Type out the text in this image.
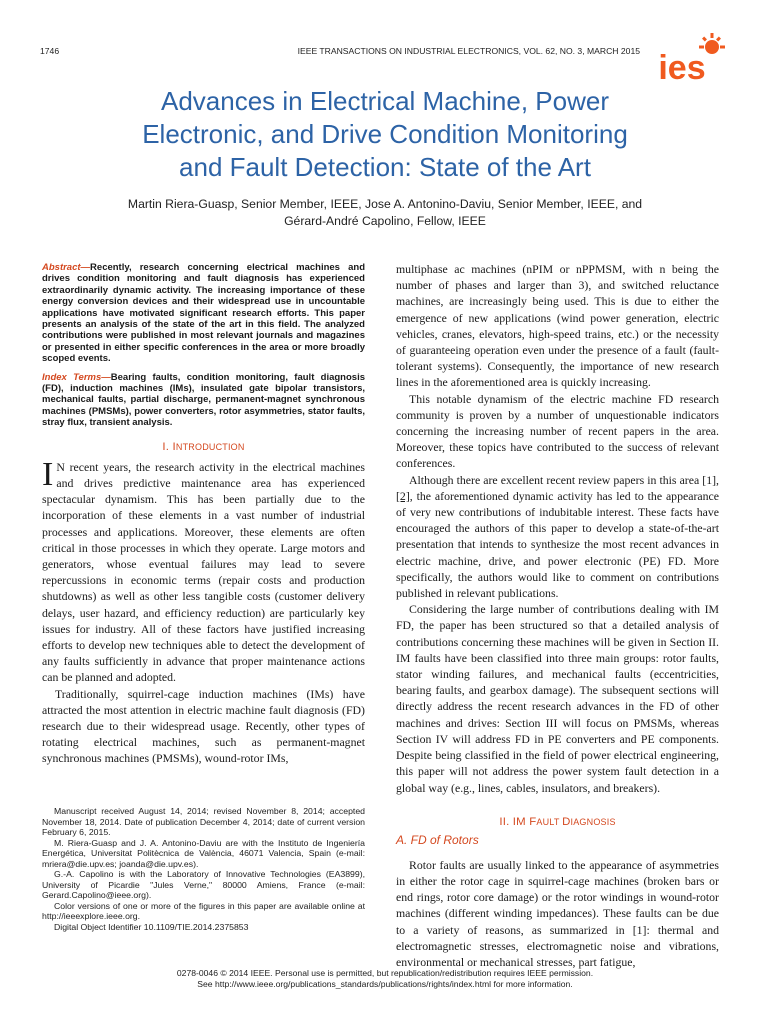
1746	IEEE TRANSACTIONS ON INDUSTRIAL ELECTRONICS, VOL. 62, NO. 3, MARCH 2015 ies
Advances in Electrical Machine, Power
Electronic, and Drive Condition Monitoring
and Fault Detection: State of the Art
Martin Riera-Guasp, Senior Member, IEEE, Jose A. Antonino-Daviu, Senior Member, IEEE, and
Gérard-André Capolino, Fellow, IEEE

Abstract—Recently, research concerning electrical machines and drives condition monitoring and fault diagnosis has experienced extraordinarily dynamic activity. The increasing importance of these energy conversion devices and their widespread use in uncountable applications have motivated significant research efforts. This paper presents an analysis of the state of the art in this field. The analyzed contributions were published in most relevant journals and magazines or presented in either specific conferences in the area or more broadly scoped events.

Index Terms—Bearing faults, condition monitoring, fault diagnosis (FD), induction machines (IMs), insulated gate bipolar transistors, mechanical faults, partial discharge, permanent-magnet synchronous machines (PMSMs), power converters, rotor asymmetries, stator faults, stray flux, transient analysis.

I. INTRODUCTION

I N recent years, the research activity in the electrical machines and drives predictive maintenance area has experienced spectacular dynamism. This has been partially due to the incorporation of these elements in a vast number of industrial processes and applications. Moreover, these elements are often critical in those processes in which they operate. Large motors and generators, whose eventual failures may lead to severe repercussions in economic terms (repair costs and production shutdowns) as well as other less tangible costs (customer delivery delays, user hazard, and efficiency reduction) are particularly key issues for industry. All of these factors have justified increasing efforts to develop new techniques able to detect the development of any faults sufficiently in advance that proper maintenance actions can be planned and adopted.

Traditionally, squirrel-cage induction machines (IMs) have attracted the most attention in electric machine fault diagnosis (FD) research due to their widespread usage. Recently, other types of rotating electrical machines, such as permanent-magnet synchronous machines (PMSMs), wound-rotor IMs,

Manuscript received August 14, 2014; revised November 8, 2014; accepted November 18, 2014. Date of publication December 4, 2014; date of current version February 6, 2015.

M. Riera-Guasp and J. A. Antonino-Daviu are with the Instituto de Ingeniería Energética, Universitat Politècnica de València, 46071 Valencia, Spain (e-mail: mriera@die.upv.es; joanda@die.upv.es).

G.-A. Capolino is with the Laboratory of Innovative Technologies (EA3899), University of Picardie "Jules Verne," 80000 Amiens, France (e-mail: Gerard.Capolino@ieee.org).

Color versions of one or more of the figures in this paper are available online at http://ieeexplore.ieee.org.

Digital Object Identifier 10.1109/TIE.2014.2375853

multiphase ac machines (nPIM or nPPMSM, with n being the number of phases and larger than 3), and switched reluctance machines, are increasingly being used. This is due to either the emergence of new applications (wind power generation, electric vehicles, cranes, elevators, high-speed trains, etc.) or the necessity of guaranteeing operation even under the presence of a fault (fault-tolerant systems). Consequently, the importance of new research lines in the aforementioned area is quickly increasing.

This notable dynamism of the electric machine FD research community is proven by a number of unquestionable indicators concerning the increasing number of recent papers in the area. Moreover, these topics have contributed to the success of relevant conferences.

Although there are excellent recent review papers in this area [1], [2], the aforementioned dynamic activity has led to the appearance of very new contributions of indubitable interest. These facts have encouraged the authors of this paper to develop a state-of-the-art presentation that intends to synthesize the most recent advances in electric machine, drive, and power electronic (PE) FD. More specifically, the authors would like to comment on contributions published in relevant publications.

Considering the large number of contributions dealing with IM FD, the paper has been structured so that a detailed analysis of contributions concerning these machines will be given in Section II. IM faults have been classified into three main groups: rotor faults, stator winding failures, and mechanical faults (eccentricities, bearing faults, and gearbox damage). The subsequent sections will directly address the recent research advances in the FD of other machines and drives: Section III will focus on PMSMs, whereas Section IV will address FD in PE converters and PE components. Despite being classified in the field of power electrical engineering, this paper will not address the power system fault detection in a global way (e.g., lines, cables, insulators, and breakers).

II. IM FAULT DIAGNOSIS
A. FD of Rotors

Rotor faults are usually linked to the appearance of asymmetries in either the rotor cage in squirrel-cage machines (broken bars or end rings, rotor core damage) or the rotor windings in wound-rotor machines (different winding impedances). These faults can be due to a variety of reasons, as summarized in [1]: thermal and electromagnetic stresses, electromagnetic noise and vibrations, environmental or mechanical stresses, part fatigue,

0278-0046 © 2014 IEEE. Personal use is permitted, but republication/redistribution requires IEEE permission.
See http://www.ieee.org/publications_standards/publications/rights/index.html for more information.
